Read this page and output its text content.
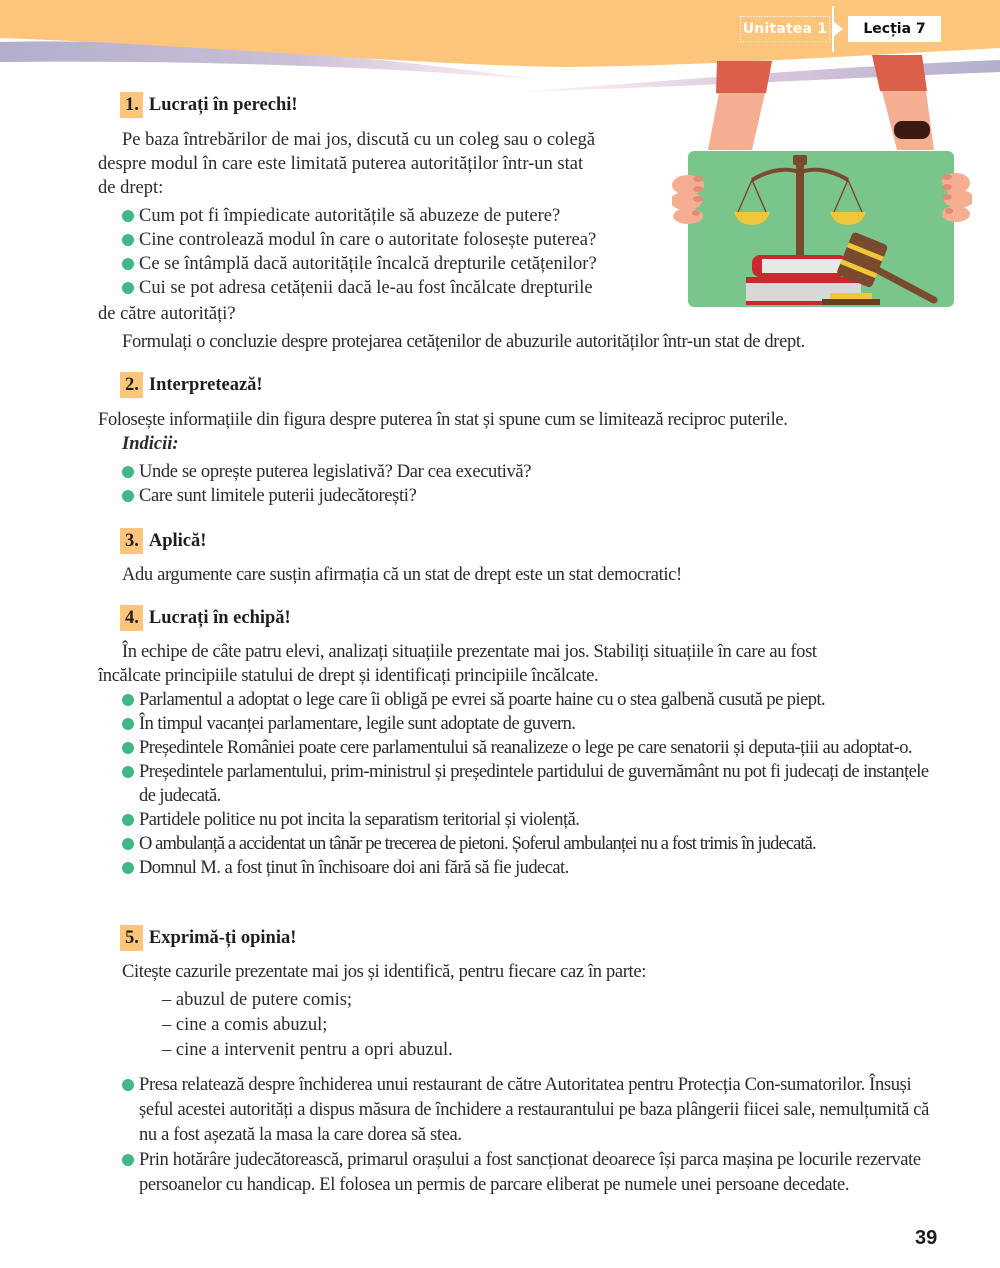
Unitatea 1	Lecția 7
1. Lucrați în perechi!
Pe baza întrebărilor de mai jos, discută cu un coleg sau o colegă
despre modul în care este limitată puterea autorităților într-un stat
de drept:
Cum pot fi împiedicate autoritățile să abuzeze de putere?
Cine controlează modul în care o autoritate folosește puterea?
Ce se întâmplă dacă autoritățile încalcă drepturile cetățenilor?
Cui se pot adresa cetățenii dacă le-au fost încălcate drepturile
de către autorități?
Formulați o concluzie despre protejarea cetățenilor de abuzurile autorităților într-un stat de drept.
2. Interpretează!
Folosește informațiile din figura despre puterea în stat și spune cum se limitează reciproc puterile.
Indicii:
Unde se oprește puterea legislativă? Dar cea executivă?
Care sunt limitele puterii judecătorești?
3. Aplică!
Adu argumente care susțin afirmația că un stat de drept este un stat democratic!
4. Lucrați în echipă!
În echipe de câte patru elevi, analizați situațiile prezentate mai jos. Stabiliți situațiile în care au fost
încălcate principiile statului de drept și identificați principiile încălcate.
Parlamentul a adoptat o lege care îi obligă pe evrei să poarte haine cu o stea galbenă cusută pe piept.
În timpul vacanței parlamentare, legile sunt adoptate de guvern.
Președintele României poate cere parlamentului să reanalizeze o lege pe care senatorii și deputa-țiii au adoptat-o.
Președintele parlamentului, prim-ministrul și președintele partidului de guvernământ nu pot fi judecați de instanțele de judecată.
Partidele politice nu pot incita la separatism teritorial și violență.
O ambulanță a accidentat un tânăr pe trecerea de pietoni. Șoferul ambulanței nu a fost trimis în judecată.
Domnul M. a fost ținut în închisoare doi ani fără să fie judecat.
5. Exprimă-ți opinia!
Citește cazurile prezentate mai jos și identifică, pentru fiecare caz în parte:
– abuzul de putere comis;
– cine a comis abuzul;
– cine a intervenit pentru a opri abuzul.
Presa relatează despre închiderea unui restaurant de către Autoritatea pentru Protecția Con-sumatorilor. Însuși șeful acestei autorități a dispus măsura de închidere a restaurantului pe baza plângerii fiicei sale, nemulțumită că nu a fost așezată la masa la care dorea să stea.
Prin hotărâre judecătorească, primarul orașului a fost sancționat deoarece își parca mașina pe locurile rezervate persoanelor cu handicap. El folosea un permis de parcare eliberat pe numele unei persoane decedate.
39
